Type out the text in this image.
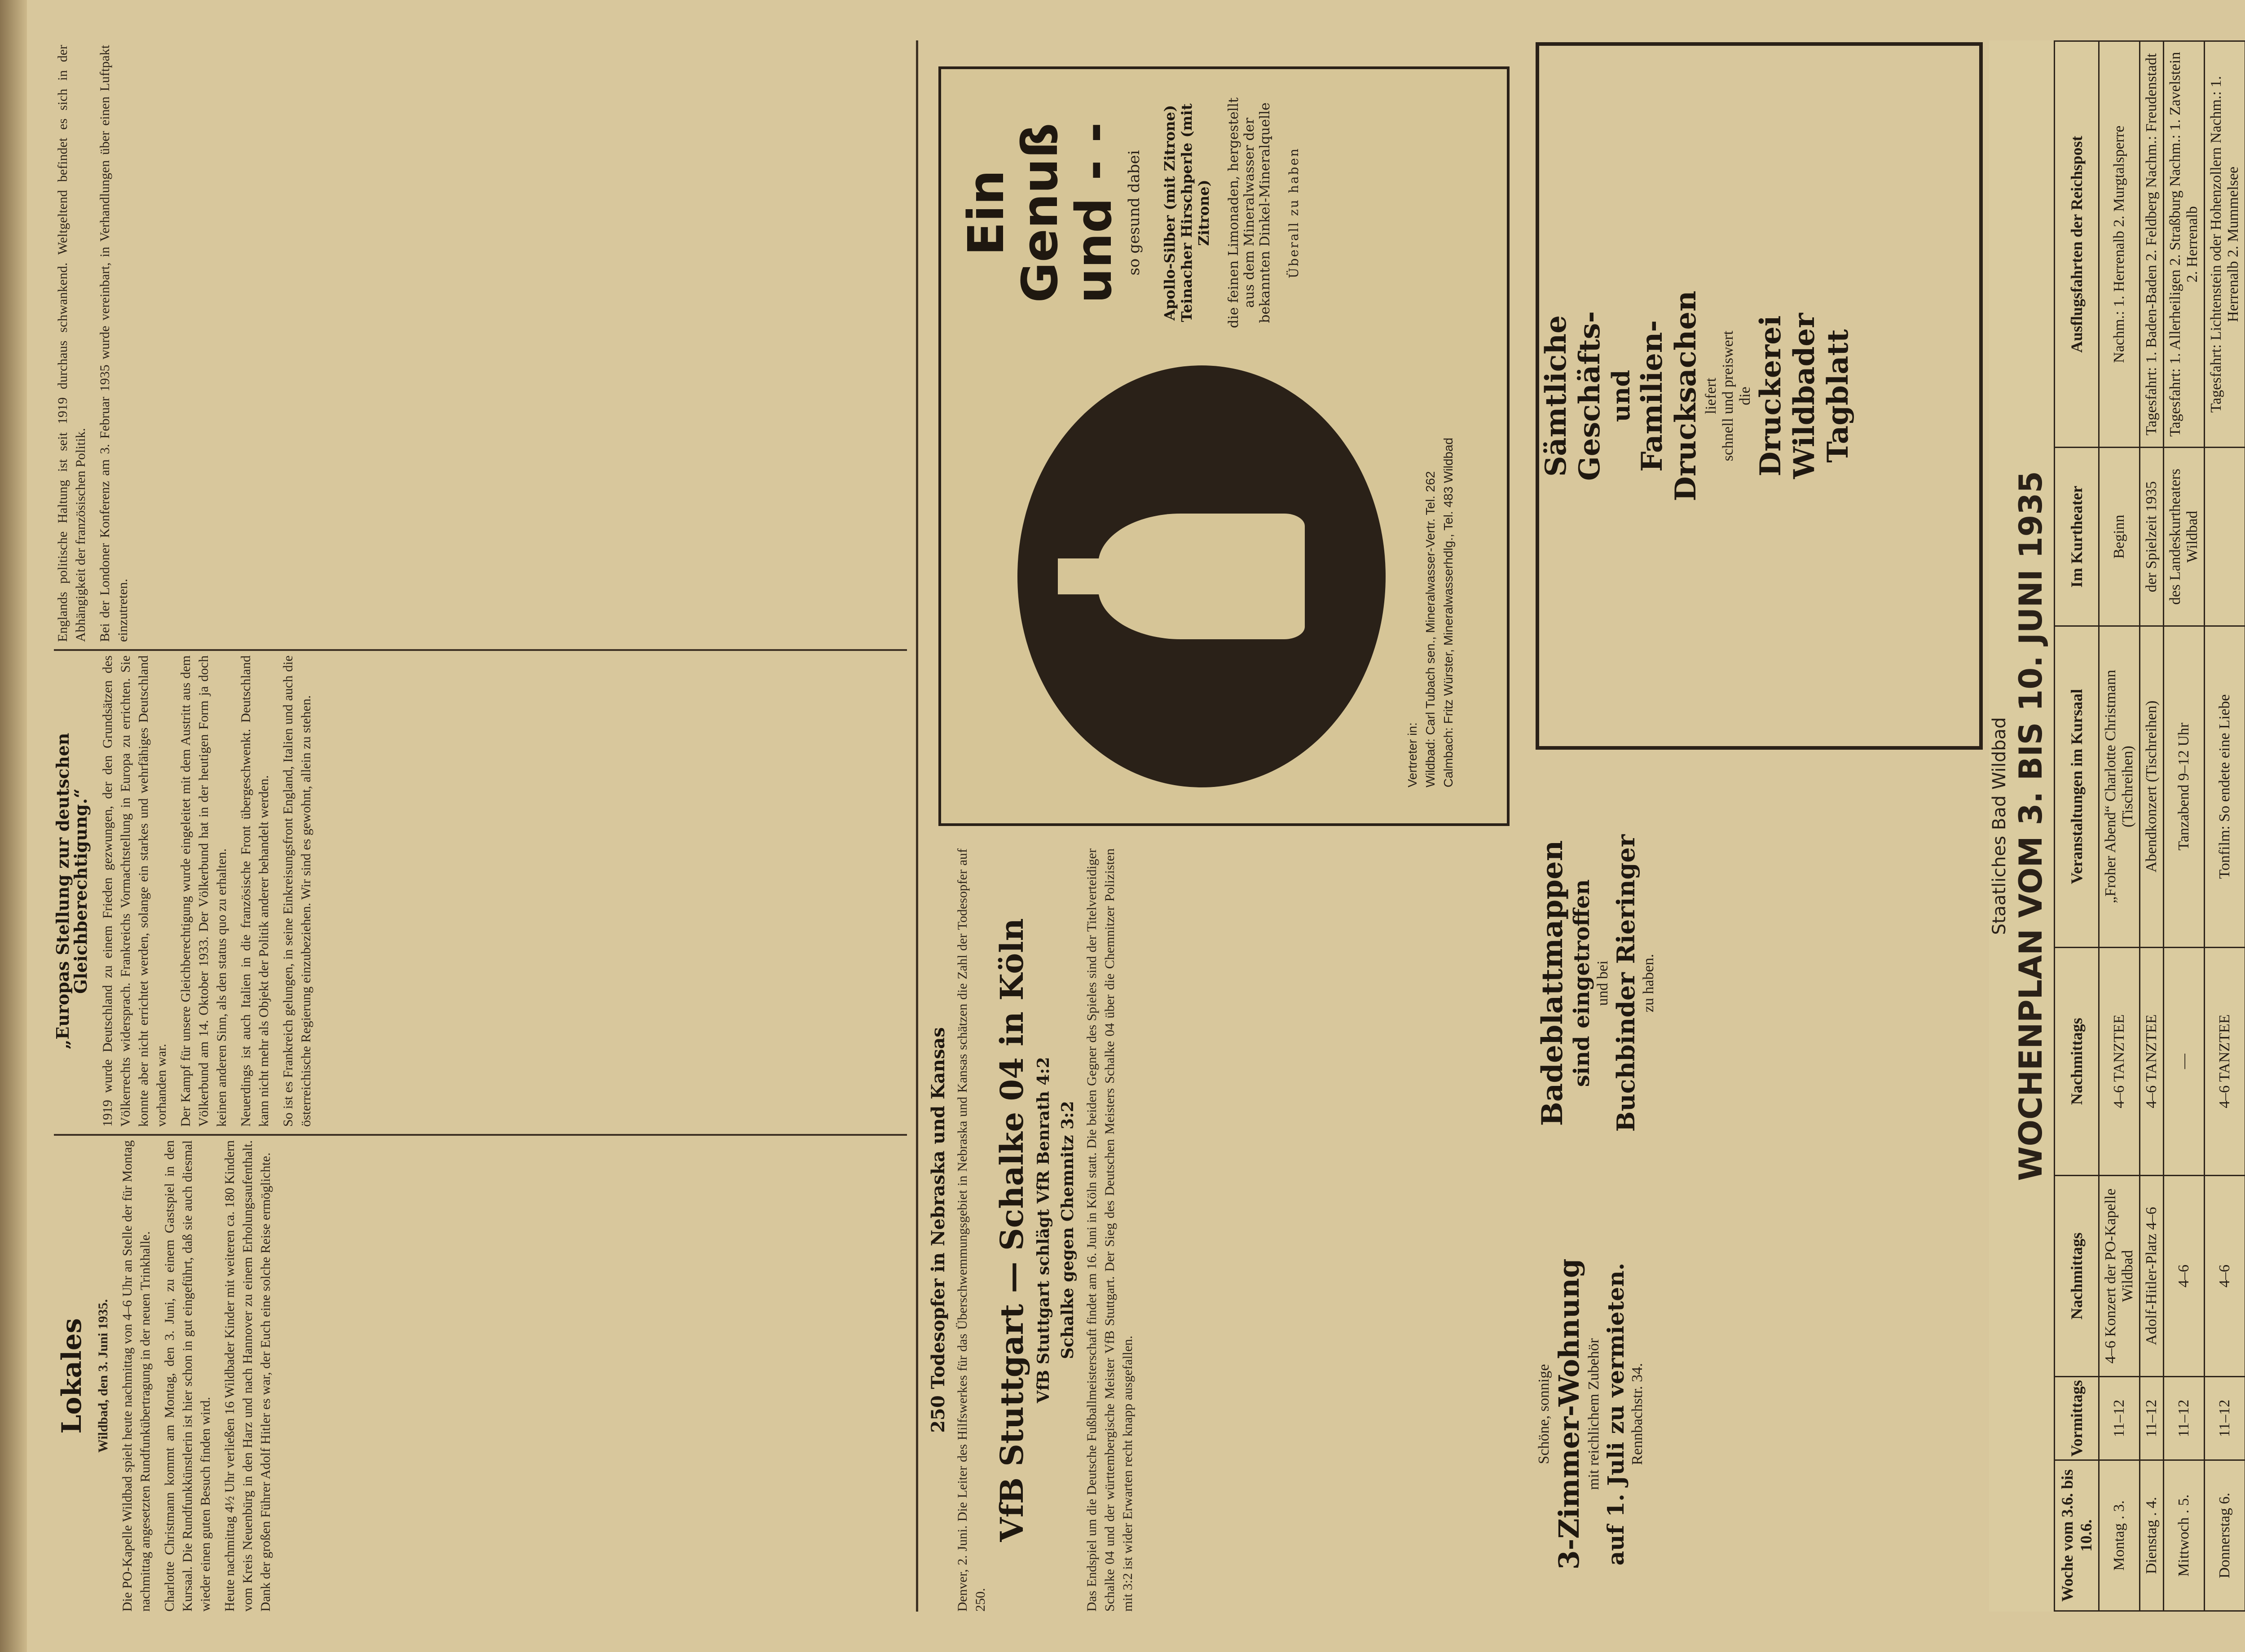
Lokales Wildbad, den 3. Juni 1935. Die PO-Kapelle Wildbad spielt heute nachmittag von 4–6 Uhr an Stelle der für Montag nachmittag angesetzten Rundfunkübertragung in der neuen Trinkhalle. Charlotte Christmann kommt am Montag, den 3. Juni, zu einem Gastspiel in den Kursaal. Die Rundfunkkünstlerin ist hier schon in gut eingeführt, daß sie auch diesmal wieder einen guten Besuch finden wird. Heute nachmittag 4½ Uhr verließen 16 Wildbader Kinder mit weiteren ca. 180 Kindern vom Kreis Neuenbürg in den Harz und nach Hannover zu einem Erholungsaufenthalt. Dank der großen Führer Adolf Hitler es war, der Euch eine solche Reise ermöglichte.

„Europas Stellung zur deutschen Gleichberechtigung.“ 1919 wurde Deutschland zu einem Frieden gezwungen, der den Grundsätzen des Völkerrechts widersprach. Frankreichs Vormachtstellung in Europa zu errichten. Sie konnte aber nicht errichtet werden, solange ein starkes und wehrfähiges Deutschland vorhanden war. Der Kampf für unsere Gleichberechtigung wurde eingeleitet mit dem Austritt aus dem Völkerbund am 14. Oktober 1933. Der Völkerbund hat in der heutigen Form ja doch keinen anderen Sinn, als den status quo zu erhalten. Neuerdings ist auch Italien in die französische Front übergeschwenkt. Deutschland kann nicht mehr als Objekt der Politik anderer behandelt werden. So ist es Frankreich gelungen, in seine Einkreisungsfront England, Italien und auch die österreichische Regierung einzubeziehen. Wir sind es gewohnt, allein zu stehen.

Englands politische Haltung ist seit 1919 durchaus schwankend. Weltgeltend befindet es sich in der Abhängigkeit der französischen Politik. Bei der Londoner Konferenz am 3. Februar 1935 wurde vereinbart, in Verhandlungen über einen Luftpakt einzutreten.

250 Todesopfer in Nebraska und Kansas Denver, 2. Juni. Die Leiter des Hilfswerkes für das Überschwemmungsgebiet in Nebraska und Kansas schätzen die Zahl der Todesopfer auf 250.

VfB Stuttgart — Schalke 04 in Köln VfB Stuttgart schlägt VfR Benrath 4:2 Schalke gegen Chemnitz 3:2 Das Endspiel um die Deutsche Fußballmeisterschaft findet am 16. Juni in Köln statt. Die beiden Gegner des Spieles sind der Titelverteidiger Schalke 04 und der württembergische Meister VfB Stuttgart. Der Sieg des Deutschen Meisters Schalke 04 über die Chemnitzer Polizisten mit 3:2 ist wider Erwarten recht knapp ausgefallen.

Ein Genuß
und - - so gesund dabei Apollo-Silber (mit Zitrone) Teinacher Hirschperle (mit Zitrone) die feinen Limonaden, hergestellt aus dem Mineralwasser der bekannten Dinkel-Mineralquelle Überall zu haben
Vertreter in: Wildbad: Carl Tubach sen., Mineralwasser-Vertr. Tel. 262 Calmbach: Fritz Würster, Mineralwasserhdlg., Tel. 483 Wildbad
Schöne, sonnige 3-Zimmer-Wohnung mit reichlichem Zubehör auf 1. Juli zu vermieten. Rennbachstr. 34.
Badeblattmappen sind eingetroffen und bei Buchbinder Rieringer zu haben.
Sämtliche Geschäfts- und Familien- Drucksachen liefert schnell und preiswert die Druckerei Wildbader Tagblatt
Staatliches Bad Wildbad WOCHENPLAN VOM 3. BIS 10. JUNI 1935
Woche vom 3.6. bis 10.6.	Vormittags	Nachmittags	Nachmittags	Veranstaltungen im Kursaal	Im Kurtheater	Ausflugsfahrten der Reichspost
Montag . 3.	11–12	4–6 Konzert der PO-Kapelle Wildbad	4–6 TANZTEE	„Froher Abend“ Charlotte Christmann (Tischreihen)	Beginn	Nachm.: 1. Herrenalb 2. Murgtalsperre
Dienstag . 4.	11–12	Adolf-Hitler-Platz 4–6	4–6 TANZTEE	Abendkonzert (Tischreihen)	der Spielzeit 1935	Tagesfahrt: 1. Baden-Baden 2. Feldberg Nachm.: Freudenstadt
Mittwoch . 5.	11–12	4–6	—	Tanzabend 9–12 Uhr	des Landeskurtheaters Wildbad	Tagesfahrt: 1. Allerheiligen 2. Straßburg Nachm.: 1. Zavelstein 2. Herrenalb
Donnerstag 6.	11–12	4–6	4–6 TANZTEE	Tonfilm: So endete eine Liebe		Tagesfahrt: Lichtenstein oder Hohenzollern Nachm.: 1. Herrenalb 2. Mummelsee
